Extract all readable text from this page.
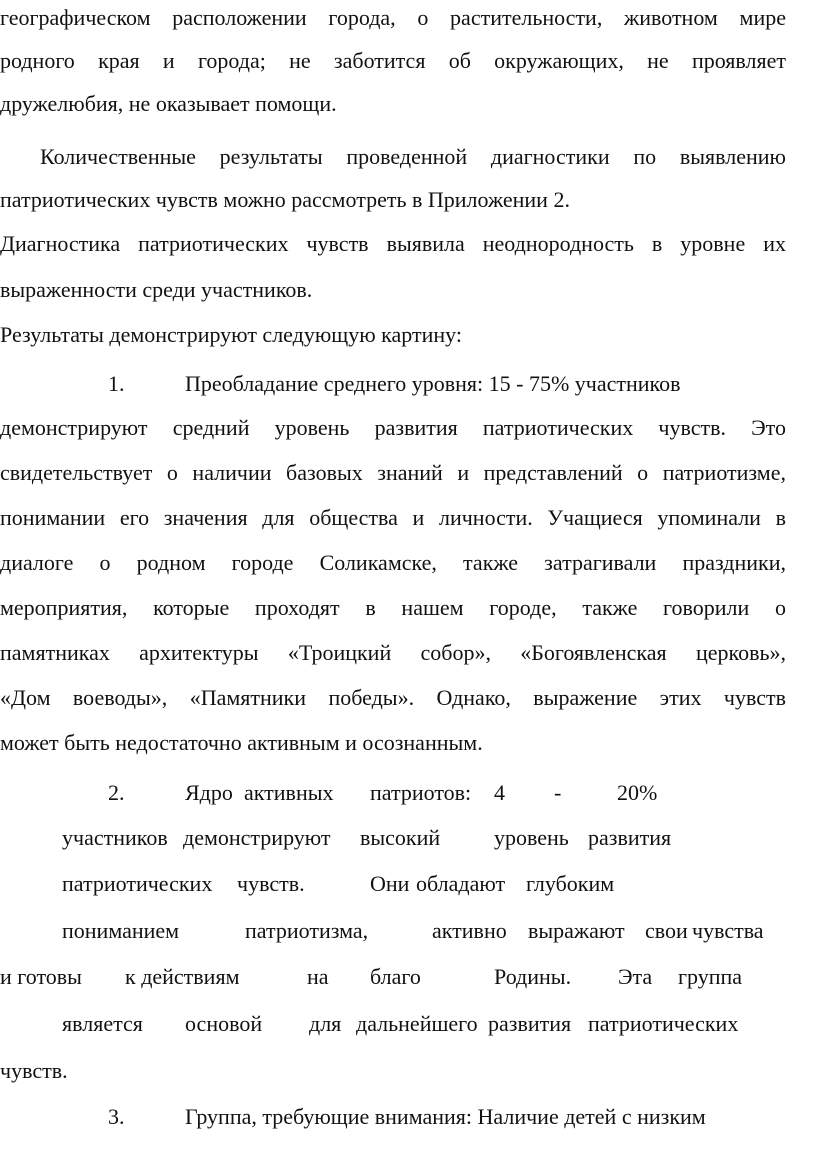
географическом расположении города, о растительности, животном мире
родного края и города; не заботится об окружающих, не проявляет
дружелюбия, не оказывает помощи.
Количественные результаты проведенной диагностики по выявлению
патриотических чувств можно рассмотреть в Приложении 2.
Диагностика патриотических чувств выявила неоднородность в уровне их
выраженности среди участников.
Результаты демонстрируют следующую картину:
1.	Преобладание среднего уровня: 15 - 75% участников
демонстрируют средний уровень развития патриотических чувств. Это
свидетельствует о наличии базовых знаний и представлений о патриотизме,
понимании его значения для общества и личности. Учащиеся упоминали в
диалоге о родном городе Соликамске, также затрагивали праздники,
мероприятия, которые проходят в нашем городе, также говорили о
памятниках архитектуры «Троицкий собор», «Богоявленская церковь»,
«Дом воеводы», «Памятники победы». Однако, выражение этих чувств
может быть недостаточно активным и осознанным.
2.	Ядро активных патриотов: 4 -	20%
участников демонстрируют высокий уровень развития
патриотических чувств.	Они обладают глубоким
пониманием	патриотизма,	активно выражают свои чувства
и готовы к действиям	на благо	Родины. Эта группа
является основой для дальнейшего развития патриотических
чувств.
3.	Группа, требующие внимания: Наличие детей с низким
